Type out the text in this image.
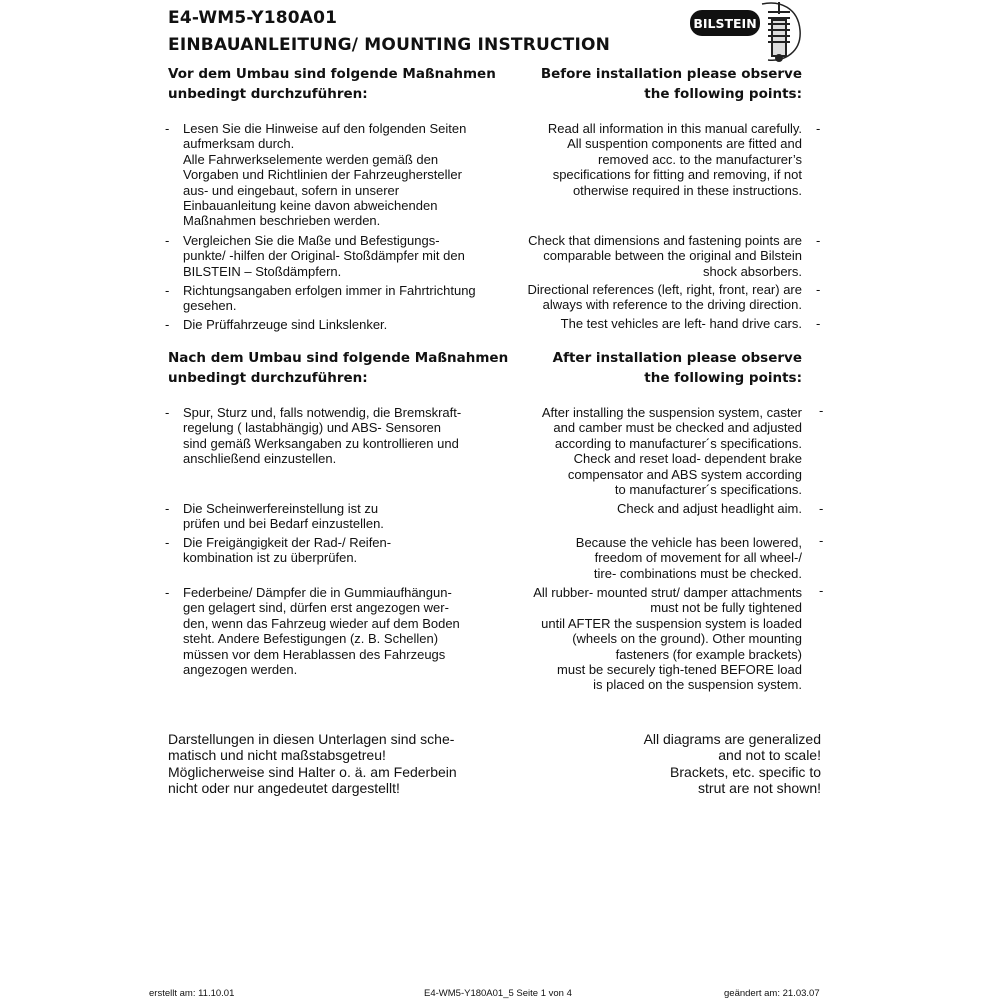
E4-WM5-Y180A01
EINBAUANLEITUNG/ MOUNTING INSTRUCTION
BILSTEIN
Vor dem Umbau sind folgende Maßnahmen
unbedingt durchzuführen:
Before installation please observe
the following points:
- Lesen Sie die Hinweise auf den folgenden Seiten
aufmerksam durch.
Alle Fahrwerkselemente werden gemäß den
Vorgaben und Richtlinien der Fahrzeughersteller
aus- und eingebaut, sofern in unserer
Einbauanleitung keine davon abweichenden
Maßnahmen beschrieben werden.
- Vergleichen Sie die Maße und Befestigungs-
punkte/ -hilfen der Original- Stoßdämpfer mit den
BILSTEIN – Stoßdämpfern.
- Richtungsangaben erfolgen immer in Fahrtrichtung
gesehen.
- Die Prüffahrzeuge sind Linkslenker.
Read all information in this manual carefully.
All suspention components are fitted and
removed acc. to the manufacturer’s
specifications for fitting and removing, if not
otherwise required in these instructions.
-
Check that dimensions and fastening points are
comparable between the original and Bilstein
shock absorbers.
-
Directional references (left, right, front, rear) are
always with reference to the driving direction.
-
The test vehicles are left- hand drive cars. -
Nach dem Umbau sind folgende Maßnahmen
unbedingt durchzuführen:
After installation please observe
the following points:
- Spur, Sturz und, falls notwendig, die Bremskraft-
regelung ( lastabhängig) und ABS- Sensoren
sind gemäß Werksangaben zu kontrollieren und
anschließend einzustellen.
- Die Scheinwerfereinstellung ist zu
prüfen und bei Bedarf einzustellen.
- Die Freigängigkeit der Rad-/ Reifen-
kombination ist zu überprüfen.
- Federbeine/ Dämpfer die in Gummiaufhängun-
gen gelagert sind, dürfen erst angezogen wer-
den, wenn das Fahrzeug wieder auf dem Boden
steht. Andere Befestigungen (z. B. Schellen)
müssen vor dem Herablassen des Fahrzeugs
angezogen werden.
After installing the suspension system, caster
and camber must be checked and adjusted
according to manufacturer´s specifications.
Check and reset load- dependent brake
compensator and ABS system according
to manufacturer´s specifications.
-
Check and adjust headlight aim. -
Because the vehicle has been lowered,
freedom of movement for all wheel-/
tire- combinations must be checked.
-
All rubber- mounted strut/ damper attachments
must not be fully tightened
until AFTER the suspension system is loaded
(wheels on the ground). Other mounting
fasteners (for example brackets)
must be securely tigh-tened BEFORE load
is placed on the suspension system.
-
Darstellungen in diesen Unterlagen sind sche-
matisch und nicht maßstabsgetreu!
Möglicherweise sind Halter o. ä. am Federbein
nicht oder nur angedeutet dargestellt!
All diagrams are generalized
and not to scale!
Brackets, etc. specific to
strut are not shown!
erstellt am: 11.10.01	E4-WM5-Y180A01_5 Seite 1 von 4	geändert am: 21.03.07
